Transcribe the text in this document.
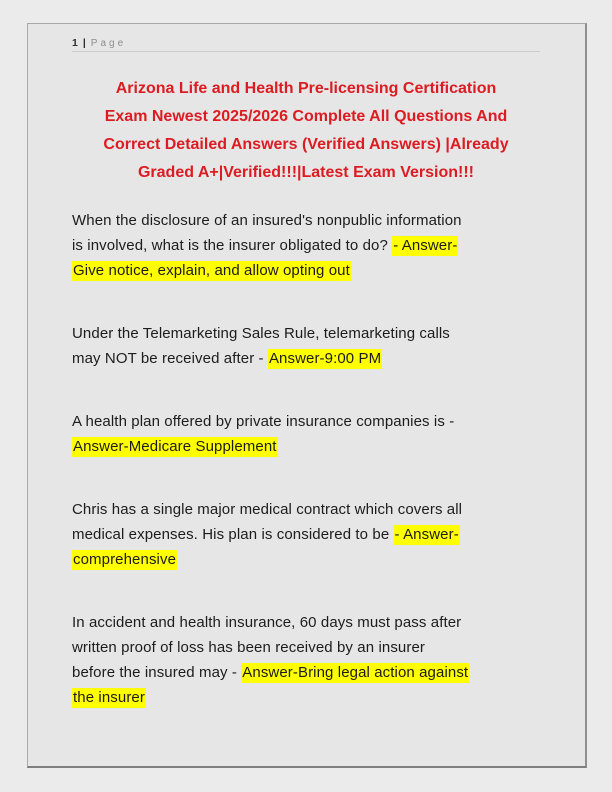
1 | Page
Arizona Life and Health Pre-licensing Certification
Exam Newest 2025/2026 Complete All Questions And
Correct Detailed Answers (Verified Answers) |Already
Graded A+|Verified!!!|Latest Exam Version!!!
When the disclosure of an insured's nonpublic information
is involved, what is the insurer obligated to do? - Answer-
Give notice, explain, and allow opting out
Under the Telemarketing Sales Rule, telemarketing calls
may NOT be received after - Answer-9:00 PM
A health plan offered by private insurance companies is -
Answer-Medicare Supplement
Chris has a single major medical contract which covers all
medical expenses. His plan is considered to be - Answer-
comprehensive
In accident and health insurance, 60 days must pass after
written proof of loss has been received by an insurer
before the insured may - Answer-Bring legal action against
the insurer
